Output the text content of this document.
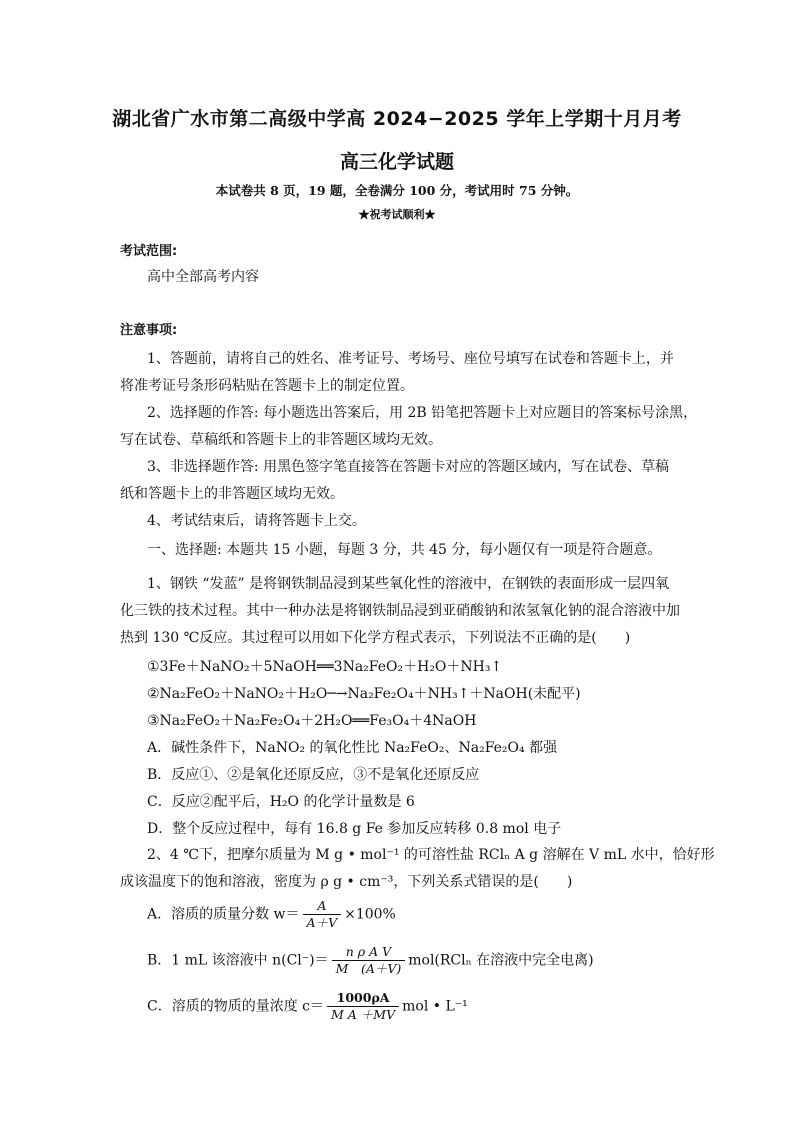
湖北省广水市第二高级中学高 2024−2025 学年上学期十月月考
高三化学试题
本试卷共 8 页，19 题，全卷满分 100 分，考试用时 75 分钟。
★祝考试顺利★
考试范围:
高中全部高考内容
注意事项:
1、答题前，请将自己的姓名、准考证号、考场号、座位号填写在试卷和答题卡上，并
将准考证号条形码粘贴在答题卡上的制定位置。
2、选择题的作答: 每小题选出答案后，用 2B 铅笔把答题卡上对应题目的答案标号涂黑，
写在试卷、草稿纸和答题卡上的非答题区域均无效。
3、非选择题作答: 用黑色签字笔直接答在答题卡对应的答题区域内，写在试卷、草稿
纸和答题卡上的非答题区域均无效。
4、考试结束后，请将答题卡上交。
一、选择题: 本题共 15 小题，每题 3 分，共 45 分，每小题仅有一项是符合题意。
1、钢铁 “发蓝” 是将钢铁制品浸到某些氧化性的溶液中，在钢铁的表面形成一层四氧
化三铁的技术过程。其中一种办法是将钢铁制品浸到亚硝酸钠和浓氢氧化钠的混合溶液中加
热到 130 ℃反应。其过程可以用如下化学方程式表示，下列说法不正确的是(　　)
①3Fe＋NaNO₂＋5NaOH══3Na₂FeO₂＋H₂O＋NH₃↑
②Na₂FeO₂＋NaNO₂＋H₂O─→Na₂Fe₂O₄＋NH₃↑＋NaOH(未配平)
③Na₂FeO₂＋Na₂Fe₂O₄＋2H₂O══Fe₃O₄＋4NaOH
A．碱性条件下，NaNO₂ 的氧化性比 Na₂FeO₂、Na₂Fe₂O₄ 都强
B．反应①、②是氧化还原反应，③不是氧化还原反应
C．反应②配平后，H₂O 的化学计量数是 6
D．整个反应过程中，每有 16.8 g Fe 参加反应转移 0.8 mol 电子
2、4 ℃下，把摩尔质量为 M g • mol⁻¹ 的可溶性盐 RClₙ A g 溶解在 V mL 水中，恰好形
成该温度下的饱和溶液，密度为 ρ g • cm⁻³，下列关系式错误的是(　　)
A．溶质的质量分数 $w= \frac{A}{A+V} \times 100\%$
B．1 mL 该溶液中 $n(Cl^-)= \frac{\text{n ρ A V}}{M (A+V)} mol(RCl_n$ 在溶液中完全电离)
C．溶质的物质的量浓度 $c= \frac{1000\rho A}{\text{M A ＋MV}}$ mol • L⁻¹
